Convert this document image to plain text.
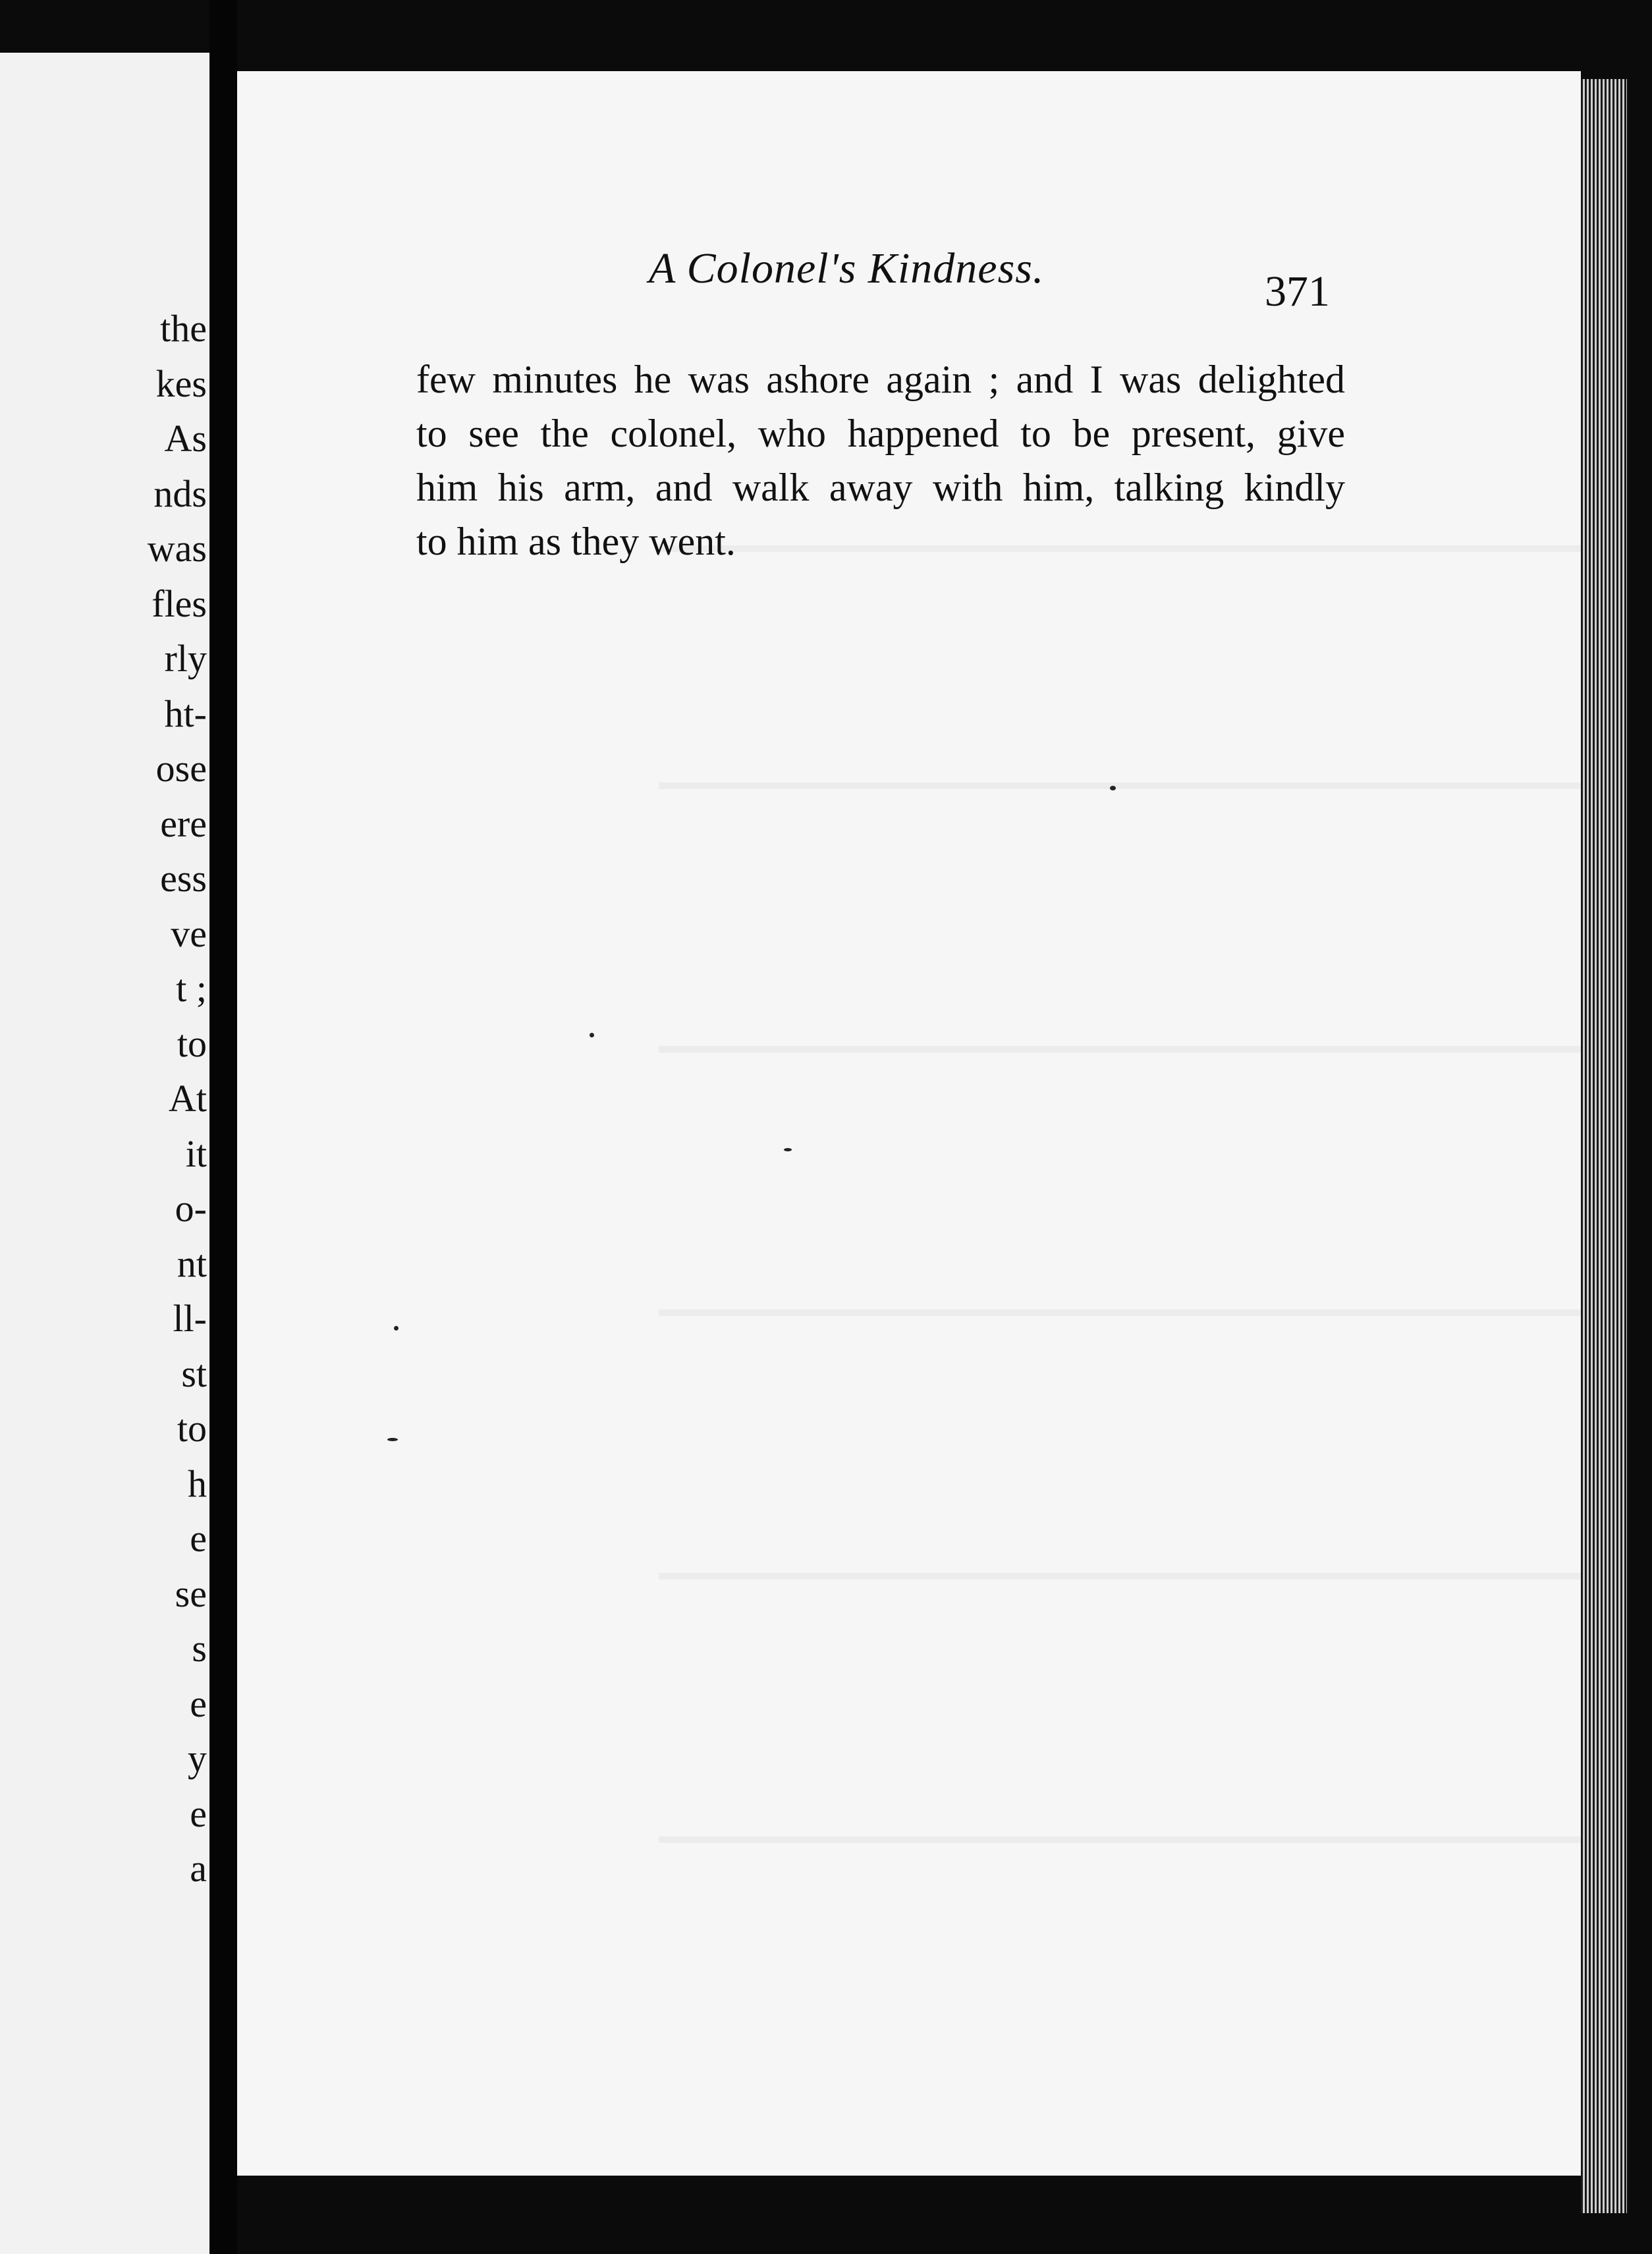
the
kes
As
nds
was
fles
rly
ht-
ose
ere
ess
ve
t ;
to
At
it
o-
nt
ll-
st
to
h
e
se
s
e
y
e
a
A Colonel's Kindness.	371
few minutes he was ashore again ; and I was delighted
to see the colonel, who happened to be present, give
him his arm, and walk away with him, talking kindly
to him as they went.
